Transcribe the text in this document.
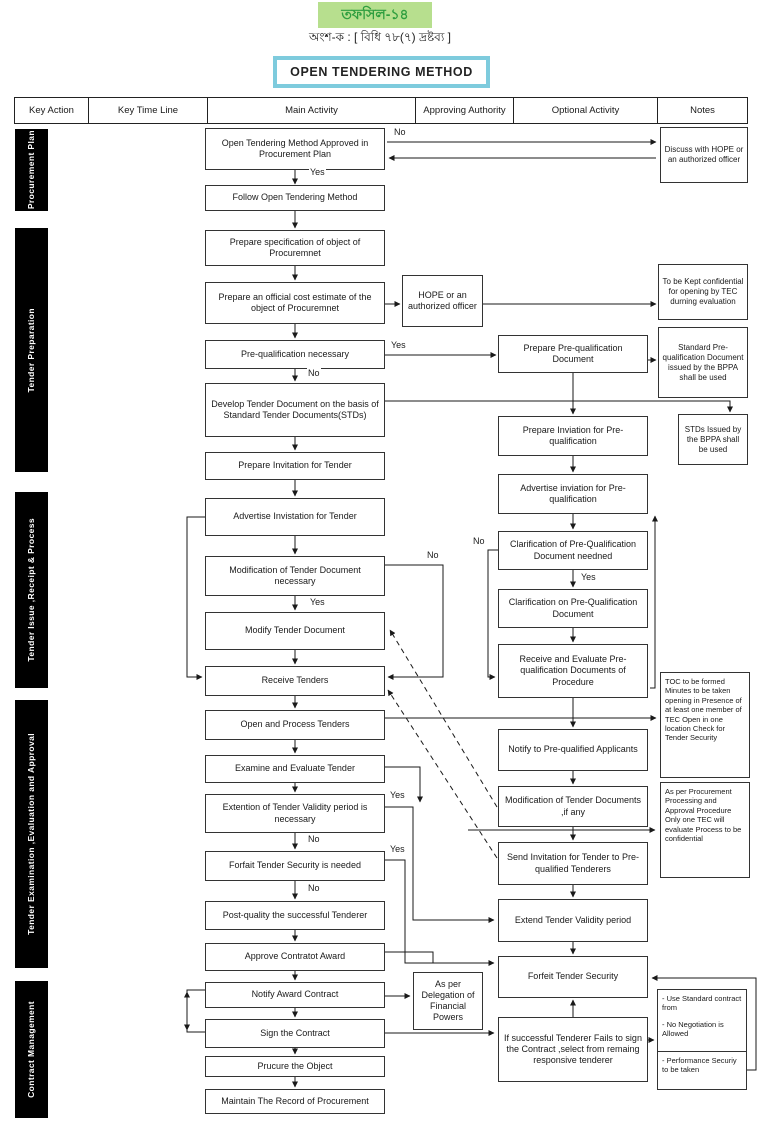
তফসিল-১৪
অংশ-ক : [ বিধি ৭৮(৭) দ্রষ্টব্য ]
OPEN TENDERING METHOD
Key Action	Key Time Line	Main Activity	Approving Authority	Optional Activity	Notes
Procurement Plan
Tender Preparation
Tender Issue ,Receipt & Process
Tender Examination ,Evaluation and Approval
Contract Management
Open Tendering Method Approved in Procurement Plan
Follow Open Tendering Method
Prepare specification of object of Procuremnet
Prepare an official cost estimate of the object of Procuremnet
Pre-qualification necessary
Develop Tender Document on the basis of Standard Tender Documents(STDs)
Prepare Invitation for Tender
Advertise Invistation for Tender
Modification of Tender Document necessary
Modify Tender Document
Receive Tenders
Open and Process Tenders
Examine and Evaluate Tender
Extention of Tender Validity period is necessary
Forfait Tender Security is needed
Post-quality the successful Tenderer
Approve Contratot Award
Notify Award Contract
Sign the Contract
Prucure the Object
Maintain The Record of Procurement
HOPE or an authorized officer
As per Delegation of Financial Powers
Prepare Pre-qualification Document
Prepare Inviation for Pre-qualification
Advertise inviation for Pre-qualification
Clarification of Pre-Qualification Document needned
Clarification on Pre-Qualification Document
Receive and Evaluate Pre-qualification Documents of Procedure
Notify to Pre-qualified Applicants
Modification of Tender Documents ,if any
Send Invitation for Tender to Pre-qualified Tenderers
Extend Tender Validity period
Forfeit Tender Security
If successful Tenderer Fails to sign the Contract ,select from remaing responsive tenderer
Discuss with HOPE or an authorized officer
To be Kept confidential for opening by TEC durning evaluation
Standard Pre-qualification Document issued by the BPPA shall be used
STDs Issued by the BPPA shall be used
TOC to be formed Minutes to be taken opening in Presence of at least one member of TEC Open in one location Check for Tender Security
As per Procurement Processing and Approval Procedure Only one TEC will evaluate Process to be confidential
- Use Standard contract from
- No Negotiation is Allowed
- Performance Securiy to be taken
No
Yes
Yes
No
Yes
No
No
Yes
Yes
No
Yes
No
